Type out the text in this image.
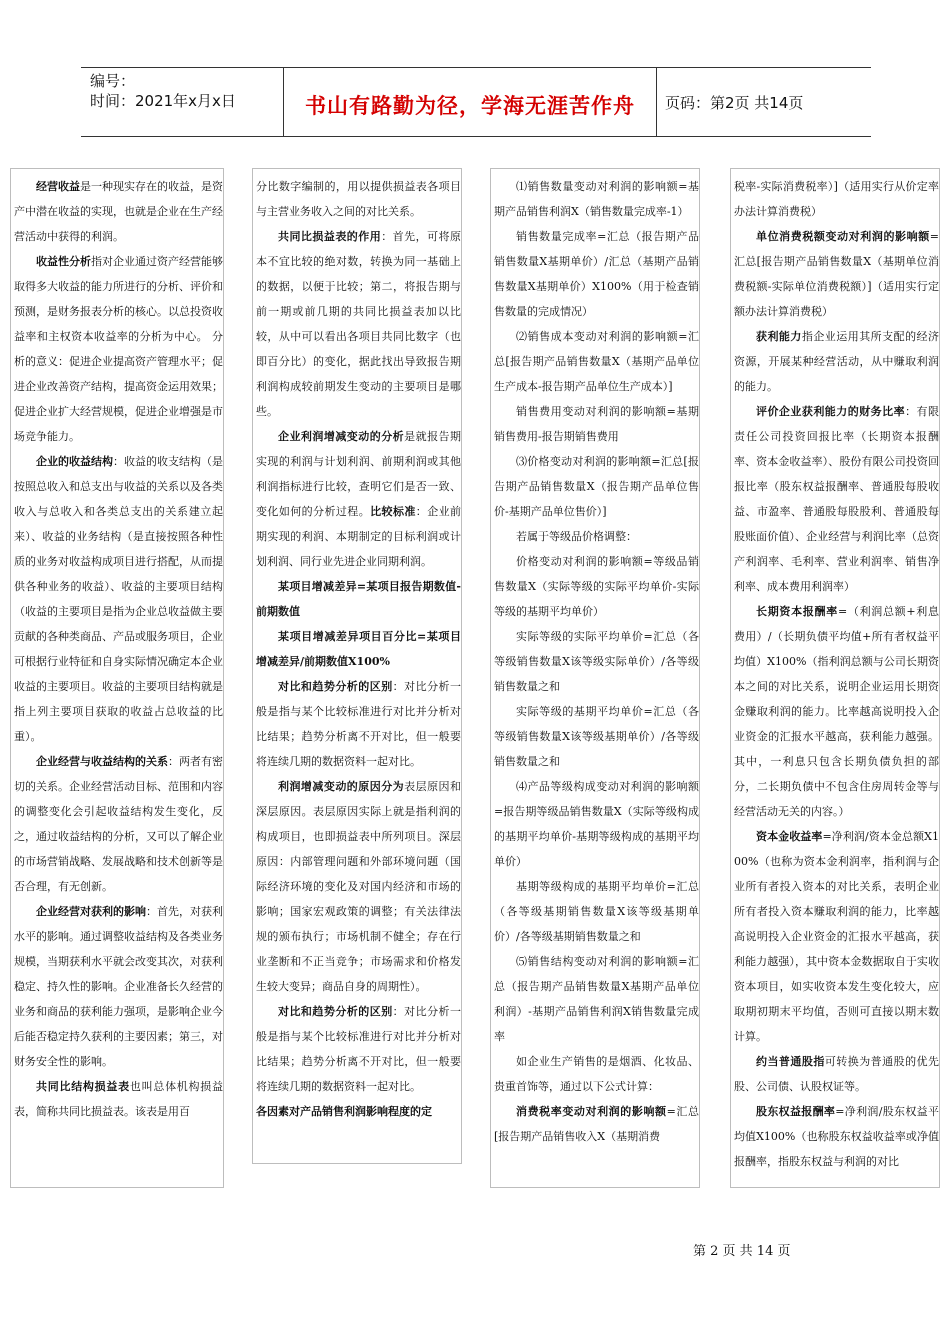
编号：
时间：2021年x月x日	书山有路勤为径，学海无涯苦作舟	页码：第2页 共14页

经营收益是一种现实存在的收益，是资产中潜在收益的实现，也就是企业在生产经营活动中获得的利润。

收益性分析指对企业通过资产经营能够取得多大收益的能力所进行的分析、评价和预测，是财务报表分析的核心。以总投资收益率和主权资本收益率的分析为中心。 分析的意义：促进企业提高资产管理水平；促进企业改善资产结构，提高资金运用效果；促进企业扩大经营规模，促进企业增强是市场竞争能力。

企业的收益结构：收益的收支结构（是按照总收入和总支出与收益的关系以及各类收入与总收入和各类总支出的关系建立起来）、收益的业务结构（是直接按照各种性质的业务对收益构成项目进行搭配，从而提供各种业务的收益）、收益的主要项目结构（收益的主要项目是指为企业总收益做主要贡献的各种类商品、产品或服务项目，企业可根据行业特征和自身实际情况确定本企业收益的主要项目。收益的主要项目结构就是指上列主要项目获取的收益占总收益的比重）。

企业经营与收益结构的关系：两者有密切的关系。企业经营活动目标、范围和内容的调整变化会引起收益结构发生变化，反之，通过收益结构的分析，又可以了解企业的市场营销战略、发展战略和技术创新等是否合理，有无创新。

企业经营对获利的影响：首先，对获利水平的影响。通过调整收益结构及各类业务规模，当期获利水平就会改变其次，对获利稳定、持久性的影响。企业准备长久经营的业务和商品的获利能力强项，是影响企业今后能否稳定持久获利的主要因素；第三，对财务安全性的影响。

共同比结构损益表也叫总体机构损益表，简称共同比损益表。该表是用百

分比数字编制的，用以提供损益表各项目与主营业务收入之间的对比关系。

共同比损益表的作用：首先，可将原本不宜比较的绝对数，转换为同一基础上的数据，以便于比较；第二，将报告期与前一期或前几期的共同比损益表加以比较，从中可以看出各项目共同比数字（也即百分比）的变化，据此找出导致报告期利润构成较前期发生变动的主要项目是哪些。

企业利润增减变动的分析是就报告期实现的利润与计划利润、前期利润或其他利润指标进行比较，查明它们是否一致、变化如何的分析过程。比较标准：企业前期实现的利润、本期制定的目标利润或计划利润、同行业先进企业同期利润。

某项目增减差异=某项目报告期数值-前期数值

某项目增减差异项目百分比=某项目增减差异/前期数值X100%

对比和趋势分析的区别：对比分析一般是指与某个比较标准进行对比并分析对比结果；趋势分析离不开对比，但一般要将连续几期的数据资料一起对比。

利润增减变动的原因分为表层原因和深层原因。表层原因实际上就是指利润的构成项目，也即损益表中所列项目。深层原因：内部管理问题和外部环境问题（国际经济环境的变化及对国内经济和市场的影响；国家宏观政策的调整；有关法律法规的颁布执行；市场机制不健全；存在行业垄断和不正当竞争；市场需求和价格发生较大变异；商品自身的周期性）。

对比和趋势分析的区别：对比分析一般是指与某个比较标准进行对比并分析对比结果；趋势分析离不开对比，但一般要将连续几期的数据资料一起对比。

各因素对产品销售利润影响程度的定

⑴销售数量变动对利润的影响额=基期产品销售利润X（销售数量完成率-1）

销售数量完成率=汇总（报告期产品销售数量X基期单价）/汇总（基期产品销售数量X基期单价）X100%（用于检查销售数量的完成情况）

⑵销售成本变动对利润的影响额=汇总[报告期产品销售数量X（基期产品单位生产成本-报告期产品单位生产成本）]

销售费用变动对利润的影响额=基期销售费用-报告期销售费用

⑶价格变动对利润的影响额=汇总[报告期产品销售数量X（报告期产品单位售价-基期产品单位售价）]

若属于等级品价格调整：

价格变动对利润的影响额=等级品销售数量X（实际等级的实际平均单价-实际等级的基期平均单价）

实际等级的实际平均单价=汇总（各等级销售数量X该等级实际单价）/各等级销售数量之和

实际等级的基期平均单价=汇总（各等级销售数量X该等级基期单价）/各等级销售数量之和

⑷产品等级构成变动对利润的影响额=报告期等级品销售数量X（实际等级构成的基期平均单价-基期等级构成的基期平均单价）

基期等级构成的基期平均单价=汇总（各等级基期销售数量X该等级基期单价）/各等级基期销售数量之和

⑸销售结构变动对利润的影响额=汇总（报告期产品销售数量X基期产品单位利润）-基期产品销售利润X销售数量完成率

如企业生产销售的是烟酒、化妆品、贵重首饰等，通过以下公式计算：

消费税率变动对利润的影响额=汇总[报告期产品销售收入X（基期消费

税率-实际消费税率）]（适用实行从价定率办法计算消费税）

单位消费税额变动对利润的影响额=汇总[报告期产品销售数量X（基期单位消费税额-实际单位消费税额）]（适用实行定额办法计算消费税）

获利能力指企业运用其所支配的经济资源，开展某种经营活动，从中赚取利润的能力。

评价企业获利能力的财务比率：有限责任公司投资回报比率（长期资本报酬率、资本金收益率）、股份有限公司投资回报比率（股东权益报酬率、普通股每股收益、市盈率、普通股每股股利、普通股每股账面价值）、企业经营与利润比率（总资产利润率、毛利率、营业利润率、销售净利率、成本费用利润率）

长期资本报酬率=（利润总额+利息费用）/（长期负债平均值+所有者权益平均值）X100%（指利润总额与公司长期资本之间的对比关系，说明企业运用长期资金赚取利润的能力。比率越高说明投入企业资金的汇报水平越高，获利能力越强。其中，一利息只包含长期负债负担的部分，二长期负债中不包含住房周转金等与经营活动无关的内容。）

资本金收益率=净利润/资本金总额X100%（也称为资本金利润率，指利润与企业所有者投入资本的对比关系，表明企业所有者投入资本赚取利润的能力，比率越高说明投入企业资金的汇报水平越高，获利能力越强），其中资本金数据取自于实收资本项目，如实收资本发生变化较大，应取期初期末平均值，否则可直接以期末数计算。

约当普通股指可转换为普通股的优先股、公司债、认股权证等。

股东权益报酬率=净利润/股东权益平均值X100%（也称股东权益收益率或净值报酬率，指股东权益与利润的对比

第 2 页 共 14 页
